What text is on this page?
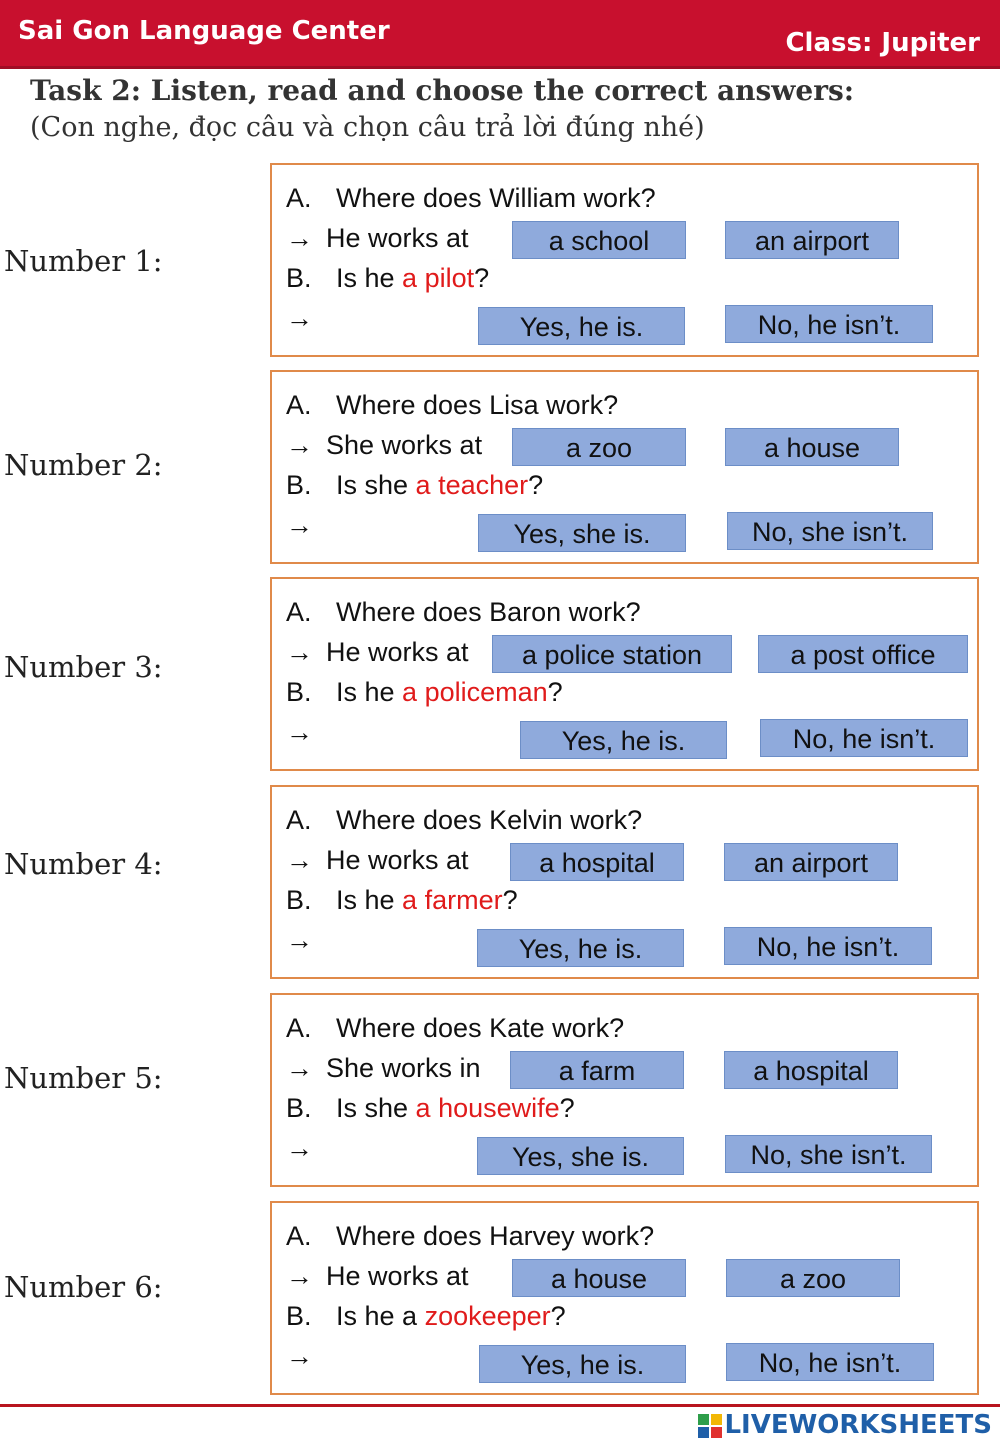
Sai Gon Language Center	Class: Jupiter
Task 2: Listen, read and choose the correct answers:
(Con nghe, đọc câu và chọn câu trả lời đúng nhé)
Number 1:
A. Where does William work?
→ He works at	a school	an airport
B. Is he a pilot?
→	Yes, he is.	No, he isn’t.
Number 2:
A. Where does Lisa work?
→ She works at	a zoo	a house
B. Is she a teacher?
→	Yes, she is.	No, she isn’t.
Number 3:
A. Where does Baron work?
→ He works at	a police station	a post office
B. Is he a policeman?
→	Yes, he is.	No, he isn’t.
Number 4:
A. Where does Kelvin work?
→ He works at	a hospital	an airport
B. Is he a farmer?
→	Yes, he is.	No, he isn’t.
Number 5:
A. Where does Kate work?
→ She works in	a farm	a hospital
B. Is she a housewife?
→	Yes, she is.	No, she isn’t.
Number 6:
A. Where does Harvey work?
→ He works at	a house	a zoo
B. Is he a zookeeper?
→	Yes, he is.	No, he isn’t.
LIVEWORKSHEETS
